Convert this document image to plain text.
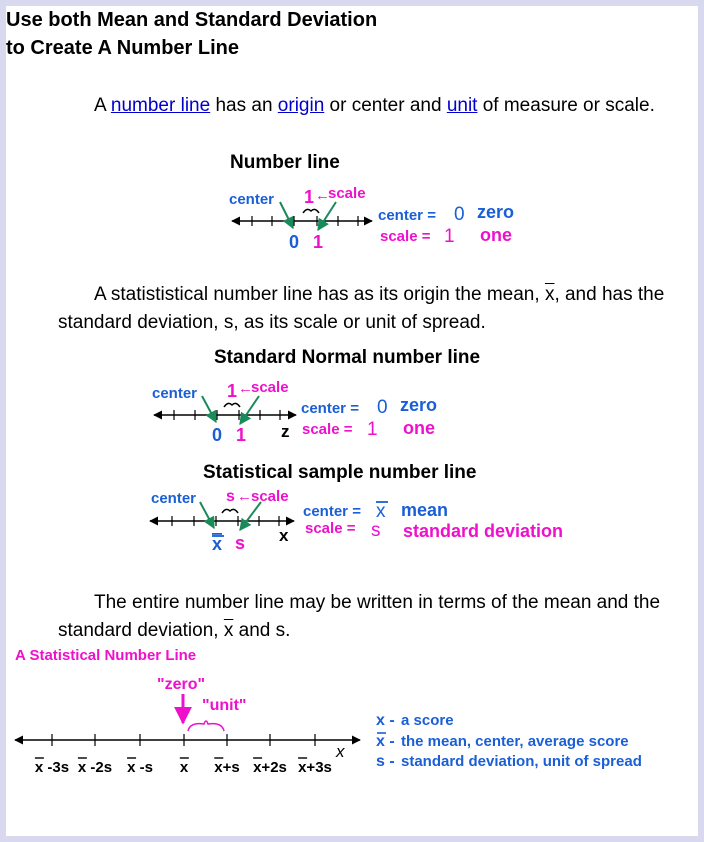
Use both Mean and Standard Deviation
to Create A Number Line
A number line has an origin or center and unit of measure or scale.
A statististical number line has as its origin the mean, $\overline{x}$, and has the standard deviation, s, as its scale or unit of spread.
The entire number line may be written in terms of the mean and the standard deviation, $\overline{x}$ and s.
Number line
center 1 ←
scale
0 1
center = 0 zero
scale = 1 one
Standard Normal number line
center 1 ←
scale
0 1 z
center = 0 zero
scale = 1 one
Statistical sample number line
center s ← scale
x s x
center = x mean
scale = s standard deviation
A Statistical Number Line
"zero"
"unit"
x
x -3s x -2s x -s x x+s x+2s x+3s
x - a score
x - the mean, center, average score
s - standard deviation, unit of spread
